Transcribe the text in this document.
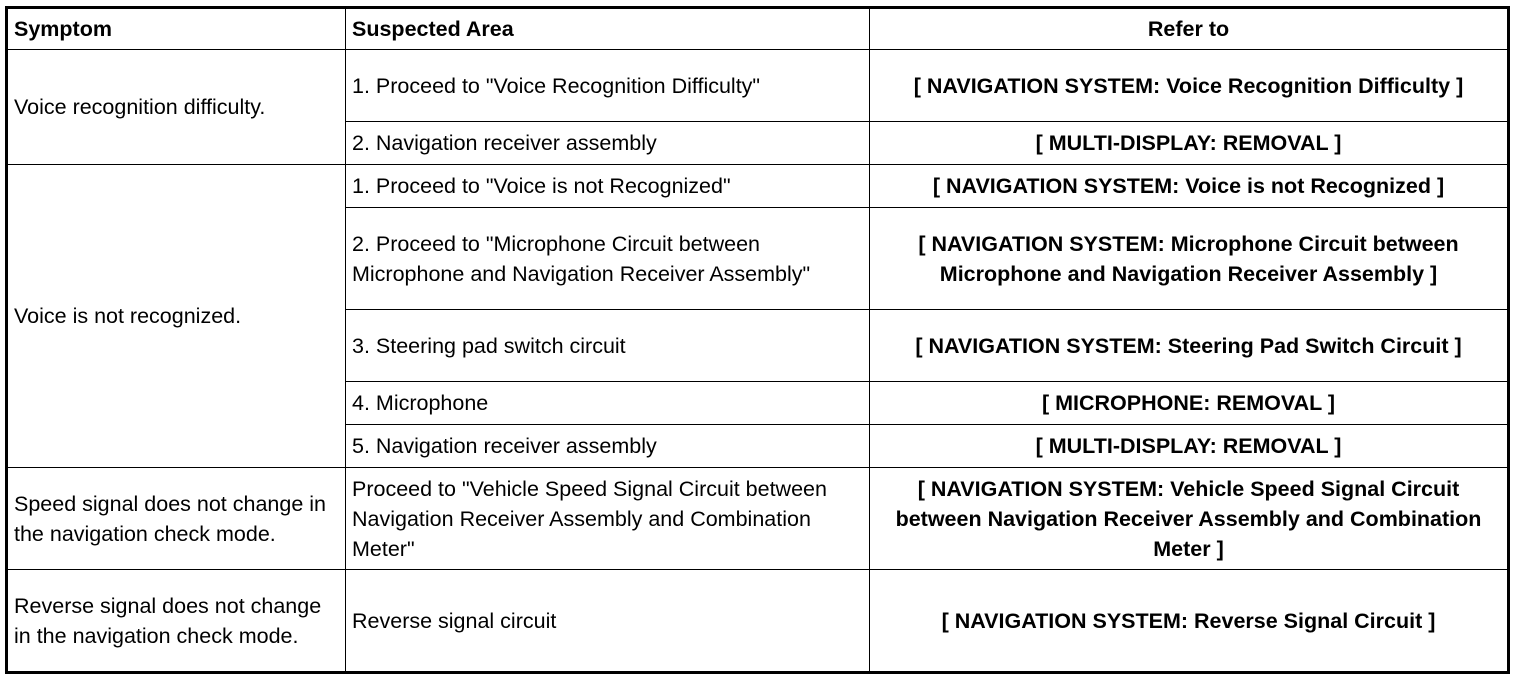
Symptom	Suspected Area	Refer to
Voice recognition difficulty.	1. Proceed to "Voice Recognition Difficulty"	[ NAVIGATION SYSTEM: Voice Recognition Difficulty ]
	2. Navigation receiver assembly	[ MULTI-DISPLAY: REMOVAL ]
Voice is not recognized.	1. Proceed to "Voice is not Recognized"	[ NAVIGATION SYSTEM: Voice is not Recognized ]
	2. Proceed to "Microphone Circuit between Microphone and Navigation Receiver Assembly"	[ NAVIGATION SYSTEM: Microphone Circuit between Microphone and Navigation Receiver Assembly ]
	3. Steering pad switch circuit	[ NAVIGATION SYSTEM: Steering Pad Switch Circuit ]
	4. Microphone	[ MICROPHONE: REMOVAL ]
	5. Navigation receiver assembly	[ MULTI-DISPLAY: REMOVAL ]
Speed signal does not change in the navigation check mode.	Proceed to "Vehicle Speed Signal Circuit between Navigation Receiver Assembly and Combination Meter"	[ NAVIGATION SYSTEM: Vehicle Speed Signal Circuit between Navigation Receiver Assembly and Combination Meter ]
Reverse signal does not change in the navigation check mode.	Reverse signal circuit	[ NAVIGATION SYSTEM: Reverse Signal Circuit ]
